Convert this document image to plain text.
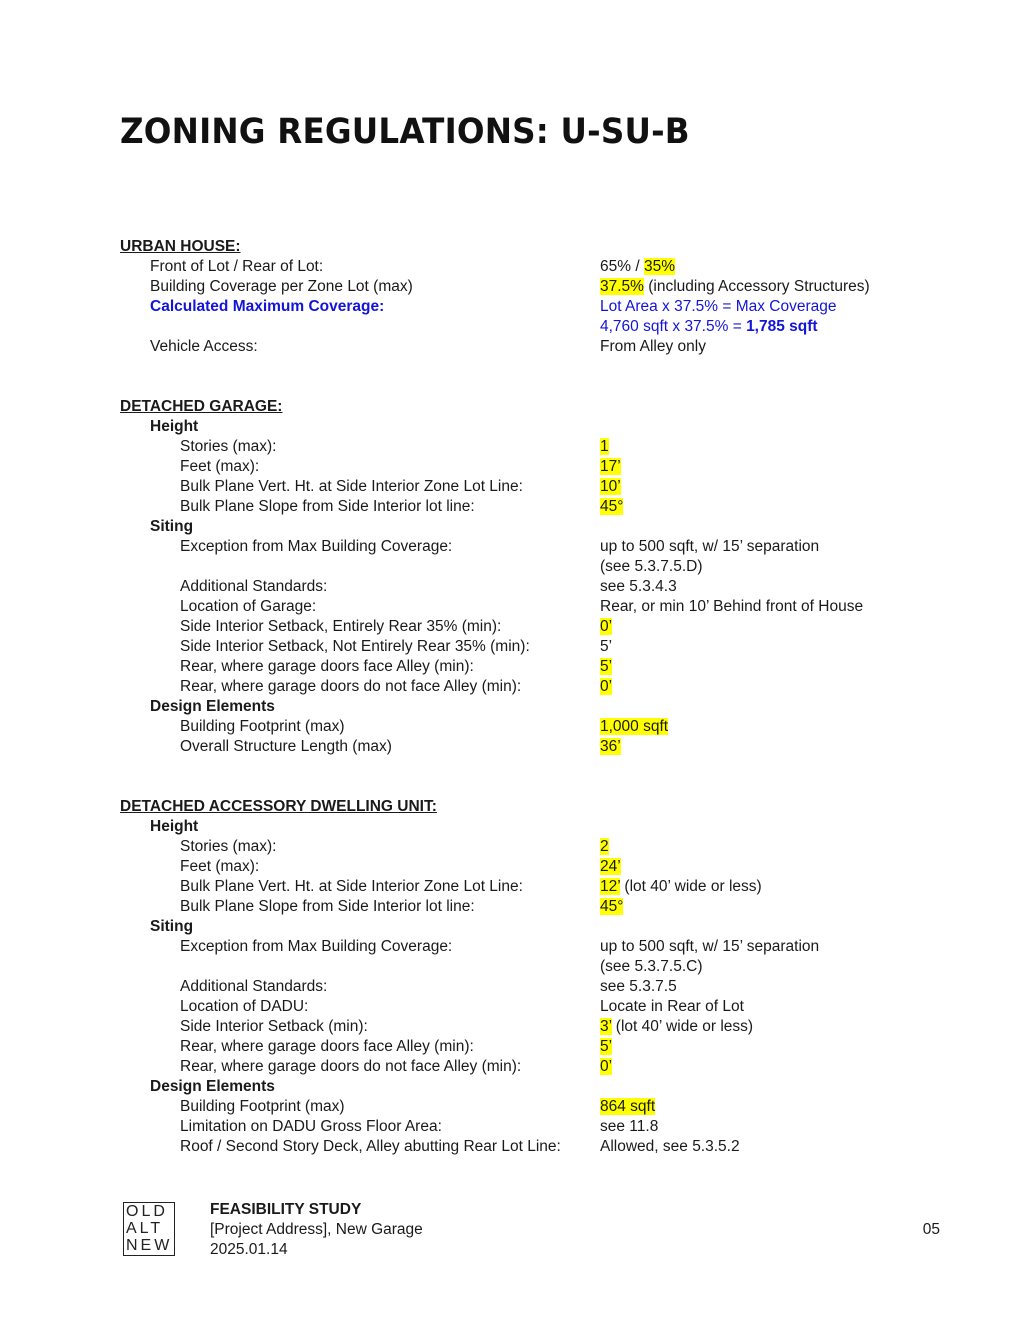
ZONING REGULATIONS: U-SU-B
URBAN HOUSE:
Front of Lot / Rear of Lot:	65% / 35%
Building Coverage per Zone Lot (max)	37.5% (including Accessory Structures)
Calculated Maximum Coverage:	Lot Area x 37.5% = Max Coverage
4,760 sqft x 37.5% = 1,785 sqft
Vehicle Access:	From Alley only
DETACHED GARAGE:
Height
Stories (max):	1
Feet (max):	17’
Bulk Plane Vert. Ht. at Side Interior Zone Lot Line:	10’
Bulk Plane Slope from Side Interior lot line:	45°
Siting
Exception from Max Building Coverage:	up to 500 sqft, w/ 15’ separation
(see 5.3.7.5.D)
Additional Standards:	see 5.3.4.3
Location of Garage:	Rear, or min 10’ Behind front of House
Side Interior Setback, Entirely Rear 35% (min):	0’
Side Interior Setback, Not Entirely Rear 35% (min):	5’
Rear, where garage doors face Alley (min):	5’
Rear, where garage doors do not face Alley (min):	0’
Design Elements
Building Footprint (max)	1,000 sqft
Overall Structure Length (max)	36’
DETACHED ACCESSORY DWELLING UNIT:
Height
Stories (max):	2
Feet (max):	24’
Bulk Plane Vert. Ht. at Side Interior Zone Lot Line:	12’ (lot 40’ wide or less)
Bulk Plane Slope from Side Interior lot line:	45°
Siting
Exception from Max Building Coverage:	up to 500 sqft, w/ 15’ separation
(see 5.3.7.5.C)
Additional Standards:	see 5.3.7.5
Location of DADU:	Locate in Rear of Lot
Side Interior Setback (min):	3’ (lot 40’ wide or less)
Rear, where garage doors face Alley (min):	5’
Rear, where garage doors do not face Alley (min):	0’
Design Elements
Building Footprint (max)	864 sqft
Limitation on DADU Gross Floor Area:	see 11.8
Roof / Second Story Deck, Alley abutting Rear Lot Line:	Allowed, see 5.3.5.2
OLD
ALT
NEW
FEASIBILITY STUDY
[Project Address], New Garage
2025.01.14
05
